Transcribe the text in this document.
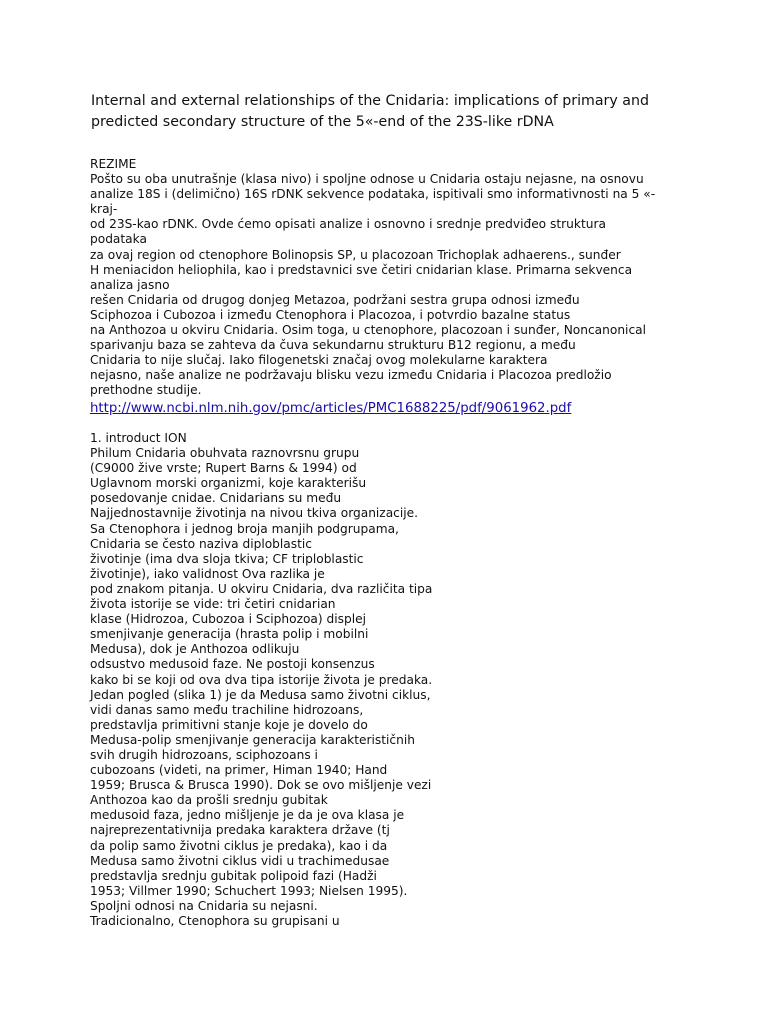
Internal and external relationships of the Cnidaria: implications of primary and
predicted secondary structure of the 5«-end of the 23S-like rDNA
REZIME
Pošto su oba unutrašnje (klasa nivo) i spoljne odnose u Cnidaria ostaju nejasne, na osnovu
analize 18S i (delimično) 16S rDNK sekvence podataka, ispitivali smo informativnosti na 5 «-
kraj-
od 23S-kao rDNK. Ovde ćemo opisati analize i osnovno i srednje predviđeo struktura
podataka
za ovaj region od ctenophore Bolinopsis SP, u placozoan Trichoplak adhaerens., sunđer
H meniacidon heliophila, kao i predstavnici sve četiri cnidarian klase. Primarna sekvenca
analiza jasno
rešen Cnidaria od drugog donjeg Metazoa, podržani sestra grupa odnosi između
Sciphozoa i Cubozoa i između Ctenophora i Placozoa, i potvrdio bazalne status
na Anthozoa u okviru Cnidaria. Osim toga, u ctenophore, placozoan i sunđer, Noncanonical
sparivanju baza se zahteva da čuva sekundarnu strukturu B12 regionu, a među
Cnidaria to nije slučaj. Iako filogenetski značaj ovog molekularne karaktera
nejasno, naše analize ne podržavaju blisku vezu između Cnidaria i Placozoa predložio
prethodne studije.
http://www.ncbi.nlm.nih.gov/pmc/articles/PMC1688225/pdf/9061962.pdf
1. introduct ION
Philum Cnidaria obuhvata raznovrsnu grupu
(C9000 žive vrste; Rupert Barns & 1994) od
Uglavnom morski organizmi, koje karakterišu
posedovanje cnidae. Cnidarians su među
Najjednostavnije životinja na nivou tkiva organizacije.
Sa Ctenophora i jednog broja manjih podgrupama,
Cnidaria se često naziva diploblastic
životinje (ima dva sloja tkiva; CF triploblastic
životinje), iako validnost Ova razlika je
pod znakom pitanja. U okviru Cnidaria, dva različita tipa
života istorije se vide: tri četiri cnidarian
klase (Hidrozoa, Cubozoa i Sciphozoa) displej
smenjivanje generacija (hrasta polip i mobilni
Medusa), dok je Anthozoa odlikuju
odsustvo medusoid faze. Ne postoji konsenzus
kako bi se koji od ova dva tipa istorije života je predaka.
Jedan pogled (slika 1) je da Medusa samo životni ciklus,
vidi danas samo među trachiline hidrozoans,
predstavlja primitivni stanje koje je dovelo do
Medusa-polip smenjivanje generacija karakterističnih
svih drugih hidrozoans, sciphozoans i
cubozoans (videti, na primer, Himan 1940; Hand
1959; Brusca & Brusca 1990). Dok se ovo mišljenje vezi
Anthozoa kao da prošli srednju gubitak
medusoid faza, jedno mišljenje je da je ova klasa je
najreprezentativnija predaka karaktera države (tj
da polip samo životni ciklus je predaka), kao i da
Medusa samo životni ciklus vidi u trachimedusae
predstavlja srednju gubitak polipoid fazi (Hadži
1953; Villmer 1990; Schuchert 1993; Nielsen 1995).
Spoljni odnosi na Cnidaria su nejasni.
Tradicionalno, Ctenophora su grupisani u
